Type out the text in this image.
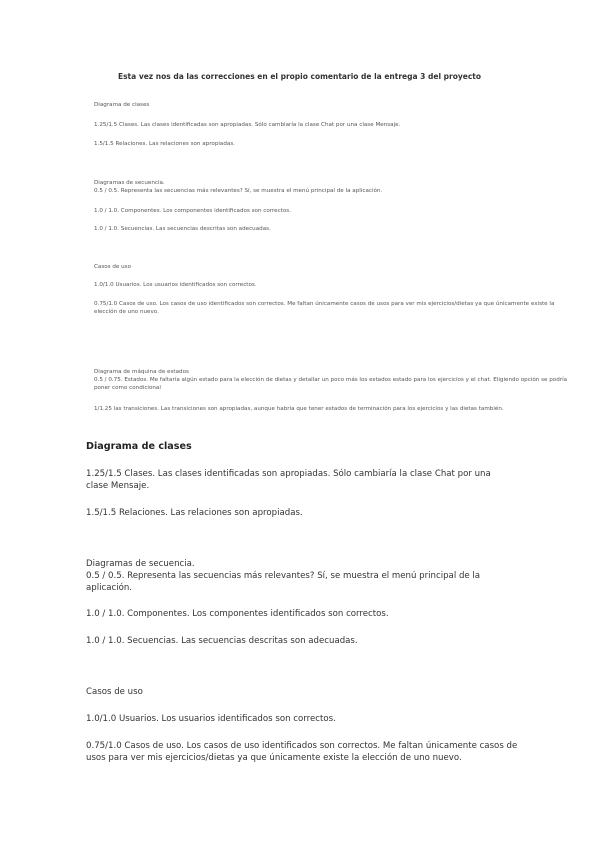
Esta vez nos da las correcciones en el propio comentario de la entrega 3 del proyecto

Diagrama de clases

1.25/1.5 Clases. Las clases identificadas son apropiadas. Sólo cambiaría la clase Chat por una clase Mensaje.

1.5/1.5 Relaciones. Las relaciones son apropiadas.

Diagramas de secuencia.

0.5 / 0.5. Representa las secuencias más relevantes? Sí, se muestra el menú principal de la aplicación.

1.0 / 1.0. Componentes. Los componentes identificados son correctos.

1.0 / 1.0. Secuencias. Las secuencias descritas son adecuadas.

Casos de uso

1.0/1.0 Usuarios. Los usuarios identificados son correctos.

0.75/1.0 Casos de uso. Los casos de uso identificados son correctos. Me faltan únicamente casos de usos para ver mis ejercicios/dietas ya que únicamente existe la elección de uno nuevo.

Diagrama de máquina de estados

0.5 / 0.75. Estados. Me faltaría algún estado para la elección de dietas y detallar un poco más los estados estado para los ejercicios y el chat. Eligiendo opción se podría poner como condicional

1/1.25 las transiciones. Las transiciones son apropiadas, aunque habría que tener estados de terminación para los ejercicios y las dietas también.

Diagrama de clases

1.25/1.5 Clases. Las clases identificadas son apropiadas. Sólo cambiaría la clase Chat por una clase Mensaje.

1.5/1.5 Relaciones. Las relaciones son apropiadas.

Diagramas de secuencia.

0.5 / 0.5. Representa las secuencias más relevantes? Sí, se muestra el menú principal de la aplicación.

1.0 / 1.0. Componentes. Los componentes identificados son correctos.

1.0 / 1.0. Secuencias. Las secuencias descritas son adecuadas.

Casos de uso

1.0/1.0 Usuarios. Los usuarios identificados son correctos.

0.75/1.0 Casos de uso. Los casos de uso identificados son correctos. Me faltan únicamente casos de usos para ver mis ejercicios/dietas ya que únicamente existe la elección de uno nuevo.
